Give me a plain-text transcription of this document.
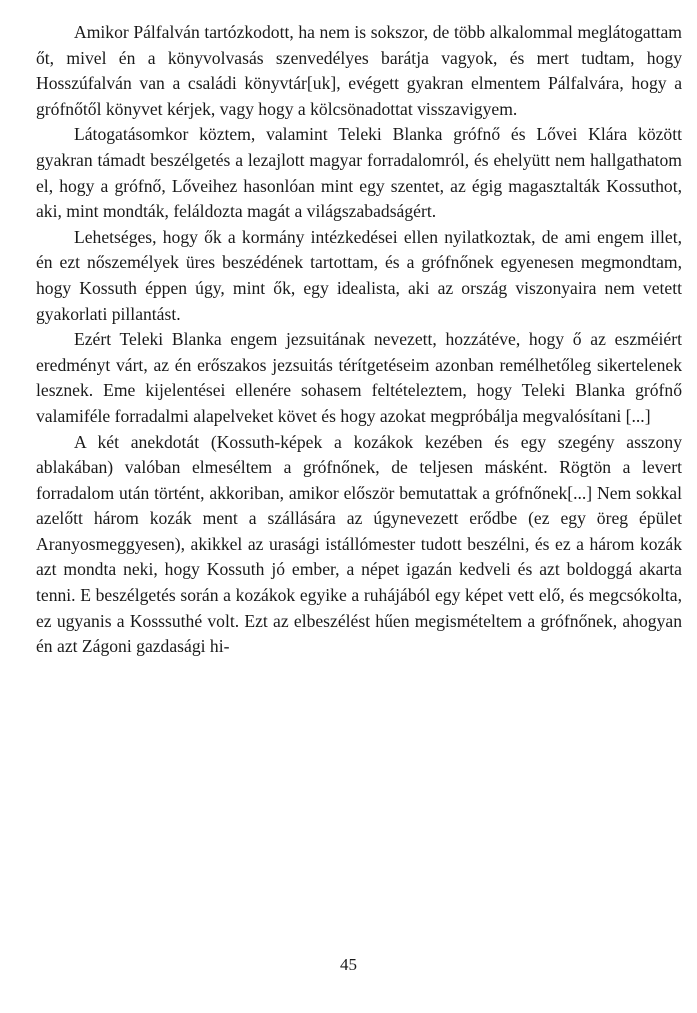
Amikor Pálfalván tartózkodott, ha nem is sokszor, de több alkalommal meglátogattam őt, mivel én a könyvolvasás szenvedélyes barátja vagyok, és mert tudtam, hogy Hosszúfalván van a családi könyvtár[uk], evégett gyakran elmentem Pálfalvára, hogy a grófnőtől könyvet kérjek, vagy hogy a kölcsönadottat visszavigyem.

Látogatásomkor köztem, valamint Teleki Blanka grófnő és Lővei Klára között gyakran támadt beszélgetés a lezajlott magyar forradalomról, és ehelyütt nem hallgathatom el, hogy a grófnő, Lőveihez hasonlóan mint egy szentet, az égig magasztalták Kossuthot, aki, mint mondták, feláldozta magát a világszabadságért.

Lehetséges, hogy ők a kormány intézkedései ellen nyilatkoztak, de ami engem illet, én ezt nőszemélyek üres beszédének tartottam, és a grófnőnek egyenesen megmondtam, hogy Kossuth éppen úgy, mint ők, egy idealista, aki az ország viszonyaira nem vetett gyakorlati pillantást.

Ezért Teleki Blanka engem jezsuitának nevezett, hozzátéve, hogy ő az eszméiért eredményt várt, az én erőszakos jezsuitás térítgetéseim azonban remélhetőleg sikertelenek lesznek. Eme kijelentései ellenére sohasem feltételeztem, hogy Teleki Blanka grófnő valamiféle forradalmi alapelveket követ és hogy azokat megpróbálja megvalósítani [...]

A két anekdotát (Kossuth-képek a kozákok kezében és egy szegény asszony ablakában) valóban elmeséltem a grófnőnek, de teljesen másként. Rögtön a levert forradalom után történt, akkoriban, amikor először bemutattak a grófnőnek[...] Nem sokkal azelőtt három kozák ment a szállására az úgynevezett erődbe (ez egy öreg épület Aranyosmeggyesen), akikkel az urasági istállómester tudott beszélni, és ez a három kozák azt mondta neki, hogy Kossuth jó ember, a népet igazán kedveli és azt boldoggá akarta tenni. E beszélgetés során a kozákok egyike a ruhájából egy képet vett elő, és megcsókolta, ez ugyanis a Kosssuthé volt. Ezt az elbeszélést hűen megismételtem a grófnőnek, ahogyan én azt Zágoni gazdasági hi-

45
